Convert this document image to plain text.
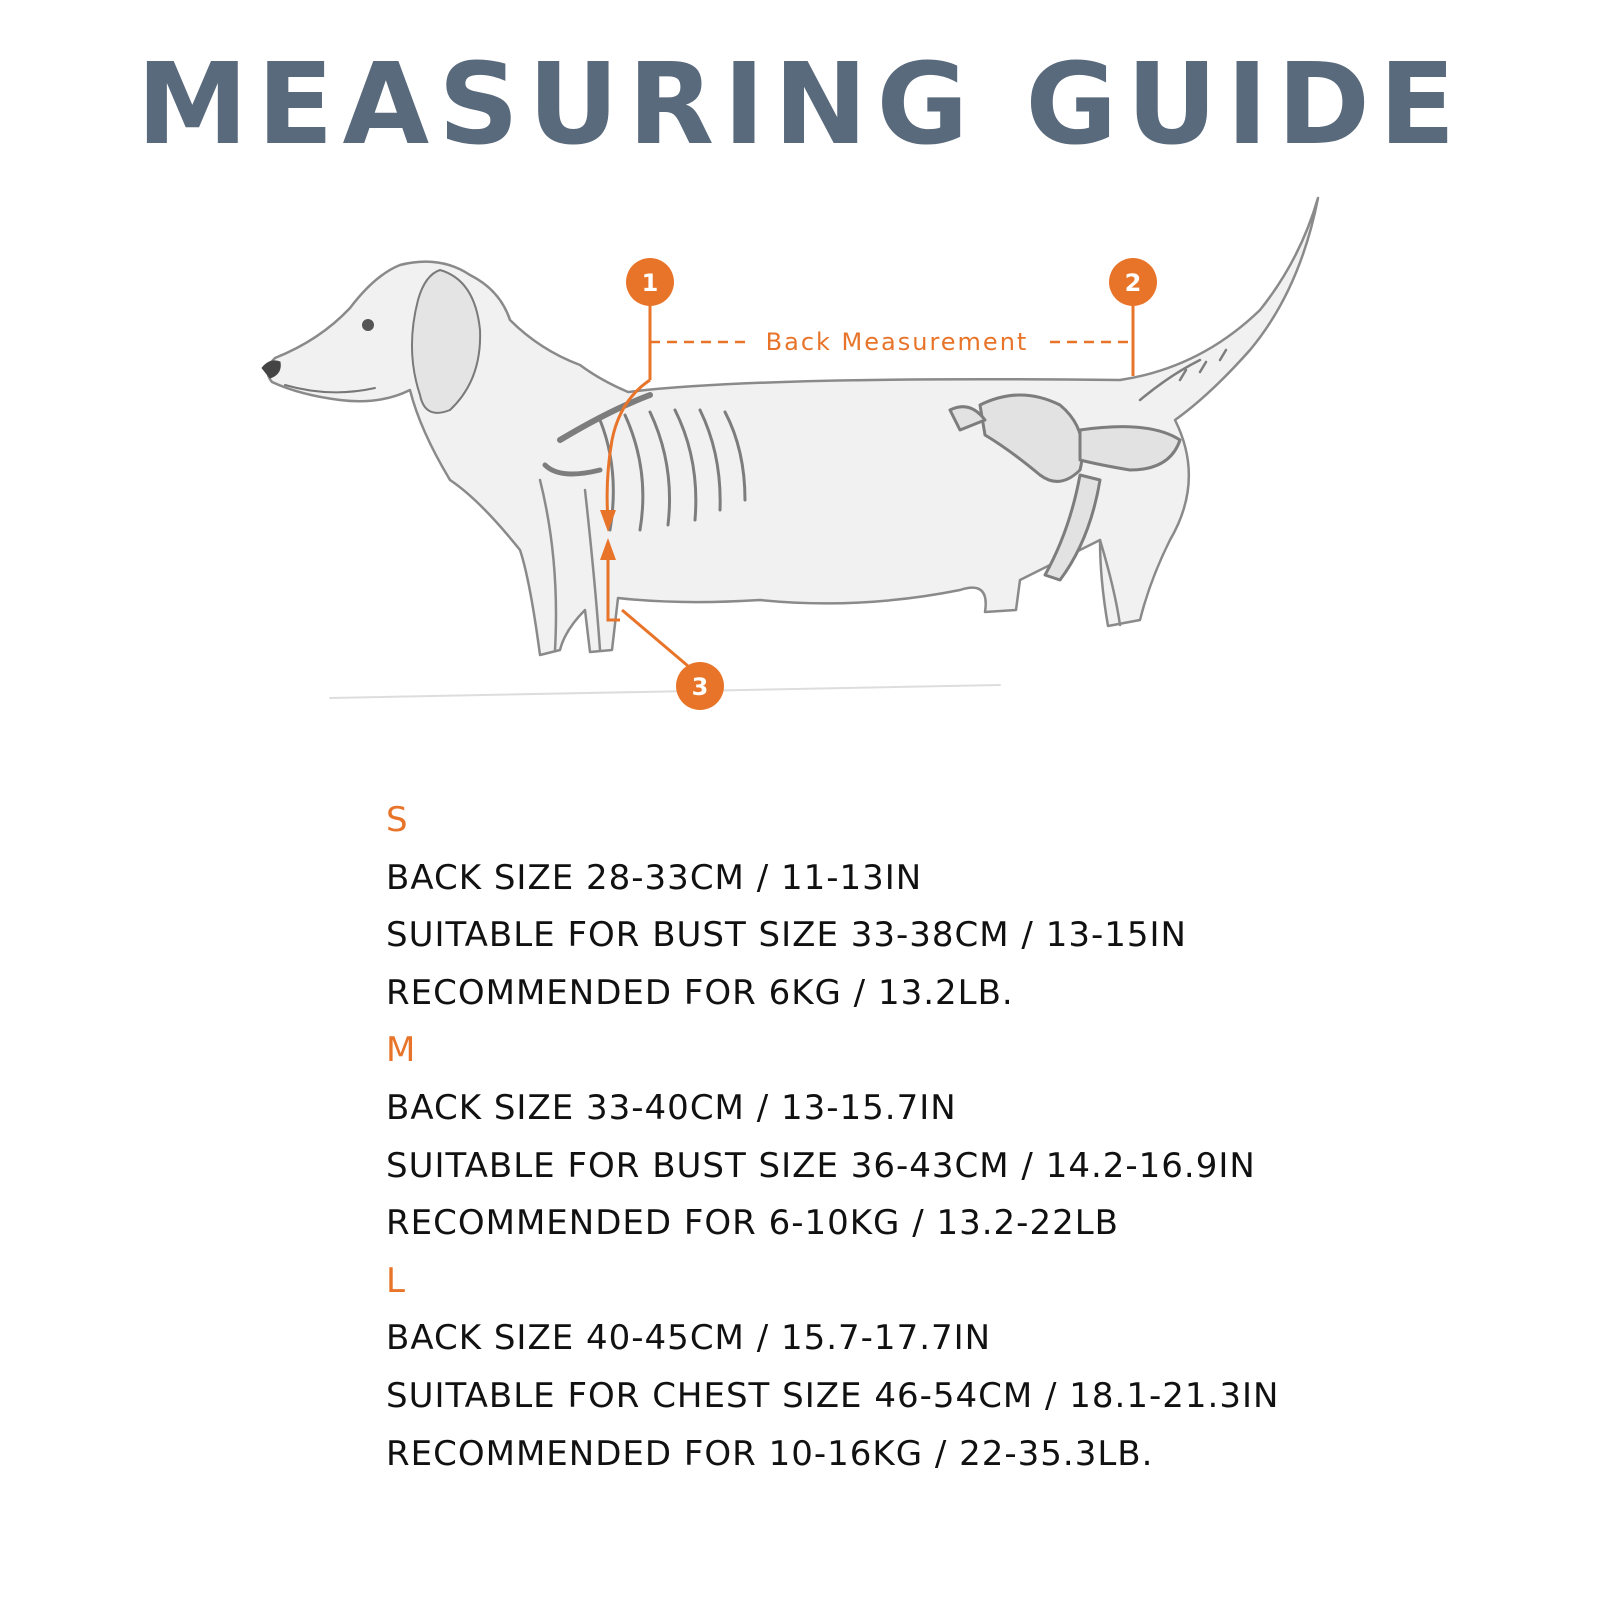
MEASURING GUIDE
Back Measurement
1	2
3
S
BACK SIZE 28-33CM / 11-13IN
SUITABLE FOR BUST SIZE 33-38CM / 13-15IN
RECOMMENDED FOR 6KG / 13.2LB.
M
BACK SIZE 33-40CM / 13-15.7IN
SUITABLE FOR BUST SIZE 36-43CM / 14.2-16.9IN
RECOMMENDED FOR 6-10KG / 13.2-22LB
L
BACK SIZE 40-45CM / 15.7-17.7IN
SUITABLE FOR CHEST SIZE 46-54CM / 18.1-21.3IN
RECOMMENDED FOR 10-16KG / 22-35.3LB.
